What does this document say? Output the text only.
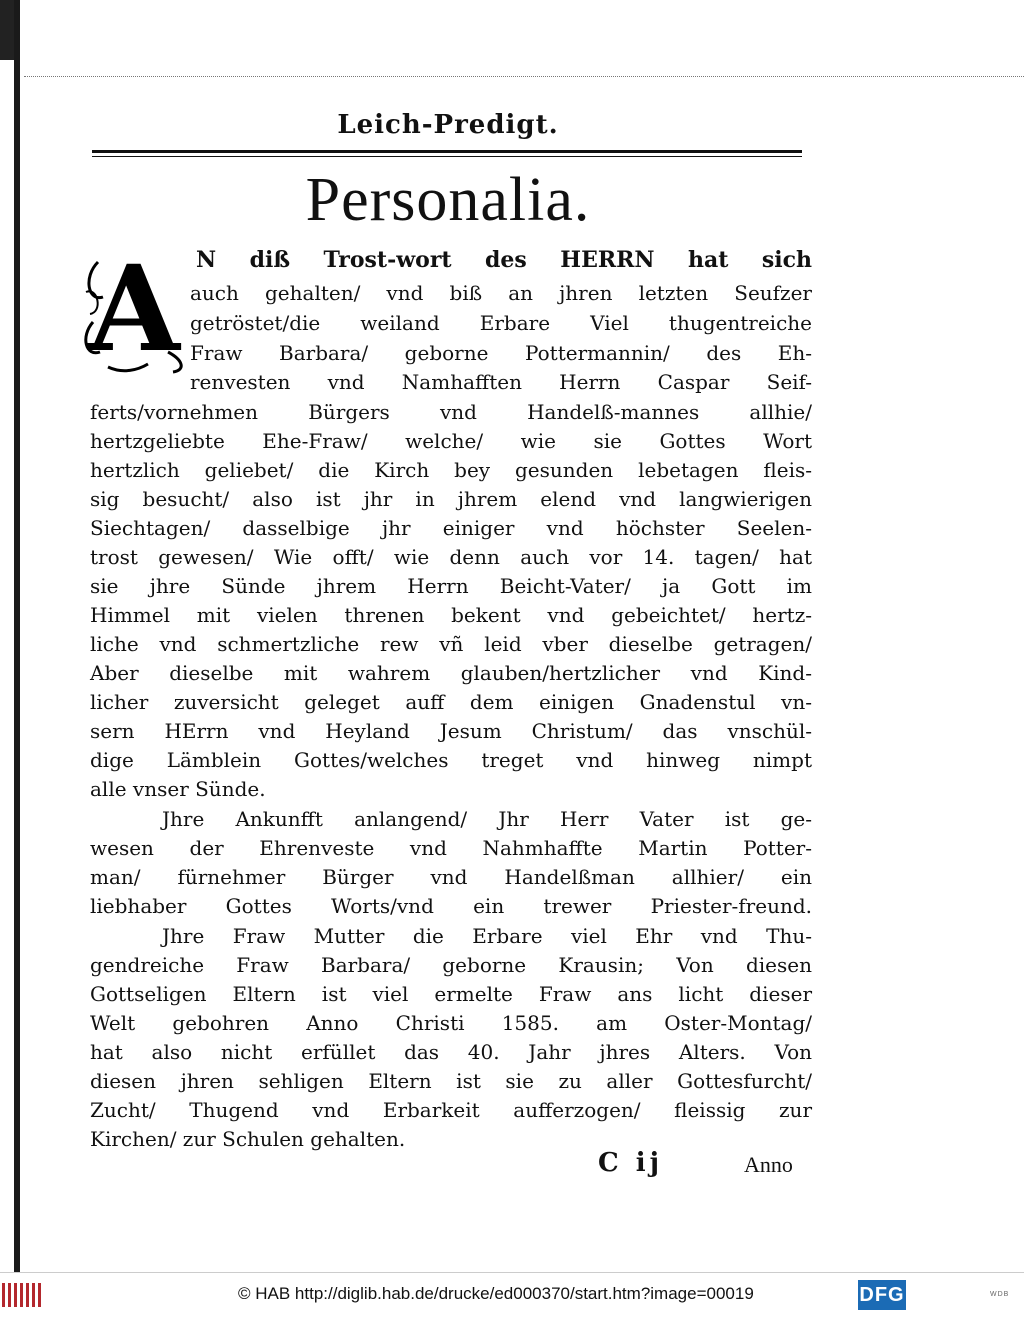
Leich-Predigt.
Personalia.
A N diß Trost-wort des HERRN hat sich
auch gehalten/ vnd biß an jhren letzten Seufzer
getröstet/die weiland Erbare Viel thugentreiche
Fraw Barbara/ geborne Pottermannin/ des Eh-
renvesten vnd Namhafften Herrn Caspar Seif-
ferts/vornehmen Bürgers vnd Handelß-mannes allhie/
hertzgeliebte Ehe-Fraw/ welche/ wie sie Gottes Wort
hertzlich geliebet/ die Kirch bey gesunden lebetagen fleis-
sig besucht/ also ist jhr in jhrem elend vnd langwierigen
Siechtagen/ dasselbige jhr einiger vnd höchster Seelen-
trost gewesen/ Wie offt/ wie denn auch vor 14. tagen/ hat
sie jhre Sünde jhrem Herrn Beicht-Vater/ ja Gott im
Himmel mit vielen threnen bekent vnd gebeichtet/ hertz-
liche vnd schmertzliche rew vñ leid vber dieselbe getragen/
Aber dieselbe mit wahrem glauben/hertzlicher vnd Kind-
licher zuversicht geleget auff dem einigen Gnadenstul vn-
sern HErrn vnd Heyland Jesum Christum/ das vnschül-
dige Lämblein Gottes/welches treget vnd hinweg nimpt
alle vnser Sünde.
Jhre Ankunfft anlangend/ Jhr Herr Vater ist ge-
wesen der Ehrenveste vnd Nahmhaffte Martin Potter-
man/ fürnehmer Bürger vnd Handelßman allhier/ ein
liebhaber Gottes Worts/vnd ein trewer Priester-freund.
Jhre Fraw Mutter die Erbare viel Ehr vnd Thu-
gendreiche Fraw Barbara/ geborne Krausin; Von diesen
Gottseligen Eltern ist viel ermelte Fraw ans licht dieser
Welt gebohren Anno Christi 1585. am Oster-Montag/
hat also nicht erfüllet das 40. Jahr jhres Alters. Von
diesen jhren sehligen Eltern ist sie zu aller Gottesfurcht/
Zucht/ Thugend vnd Erbarkeit aufferzogen/ fleissig zur
Kirchen/ zur Schulen gehalten.
C ij	Anno
© HAB http://diglib.hab.de/drucke/ed000370/start.htm?image=00019	DFG	WDB
